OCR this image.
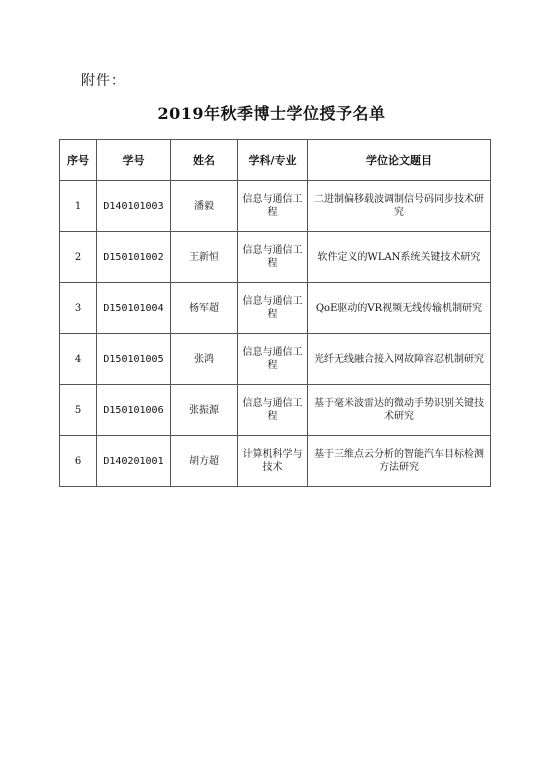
附件：
2019年秋季博士学位授予名单
序号	学号	姓名	学科/专业	学位论文题目
1	D140101003	潘毅	信息与通信工程	二进制偏移载波调制信号码同步技术研究
2	D150101002	王新恒	信息与通信工程	软件定义的WLAN系统关键技术研究
3	D150101004	杨军超	信息与通信工程	QoE驱动的VR视频无线传输机制研究
4	D150101005	张鸿	信息与通信工程	光纤无线融合接入网故障容忍机制研究
5	D150101006	张振源	信息与通信工程	基于毫米波雷达的微动手势识别关键技术研究
6	D140201001	胡方超	计算机科学与技术	基于三维点云分析的智能汽车目标检测方法研究
